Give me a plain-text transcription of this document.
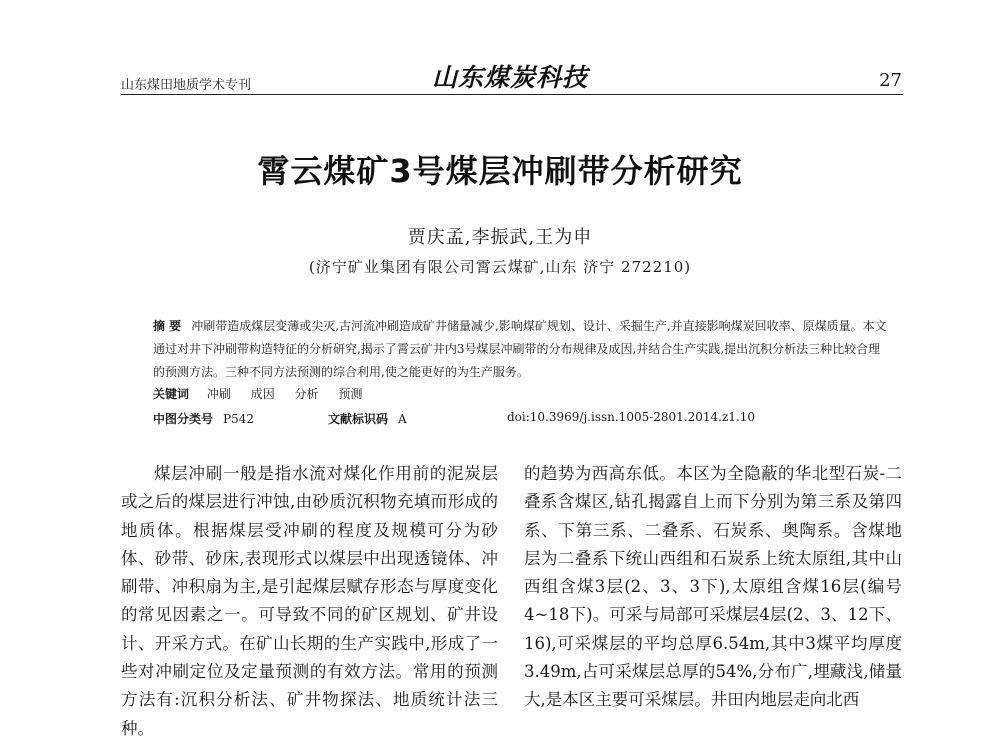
山东煤田地质学术专刊	山东煤炭科技	27
霄云煤矿3号煤层冲刷带分析研究
贾庆孟,李振武,王为申
(济宁矿业集团有限公司霄云煤矿,山东 济宁 272210)
摘 要 冲刷带造成煤层变薄或尖灭,古河流冲刷造成矿井储量减少,影响煤矿规划、设计、采掘生产,并直接影响煤炭回收率、原煤质量。本文通过对井下冲刷带构造特征的分析研究,揭示了霄云矿井内3号煤层冲刷带的分布规律及成因,并结合生产实践,提出沉积分析法三种比较合理的预测方法。三种不同方法预测的综合利用,使之能更好的为生产服务。
关键词 冲刷 成因 分析 预测
中图分类号 P542	文献标识码 A	doi:10.3969/j.issn.1005-2801.2014.z1.10
煤层冲刷一般是指水流对煤化作用前的泥炭层或之后的煤层进行冲蚀,由砂质沉积物充填而形成的地质体。根据煤层受冲刷的程度及规模可分为砂体、砂带、砂床,表现形式以煤层中出现透镜体、冲刷带、冲积扇为主,是引起煤层赋存形态与厚度变化的常见因素之一。可导致不同的矿区规划、矿井设计、开采方式。在矿山长期的生产实践中,形成了一些对冲刷定位及定量预测的有效方法。常用的预测方法有:沉积分析法、矿井物探法、地质统计法三种。
的趋势为西高东低。本区为全隐蔽的华北型石炭-二叠系含煤区,钻孔揭露自上而下分别为第三系及第四系、下第三系、二叠系、石炭系、奥陶系。含煤地层为二叠系下统山西组和石炭系上统太原组,其中山西组含煤3层(2、3、3下),太原组含煤16层(编号4~18下)。可采与局部可采煤层4层(2、3、12下、16),可采煤层的平均总厚6.54m,其中3煤平均厚度3.49m,占可采煤层总厚的54%,分布广,埋藏浅,储量大,是本区主要可采煤层。井田内地层走向北西
